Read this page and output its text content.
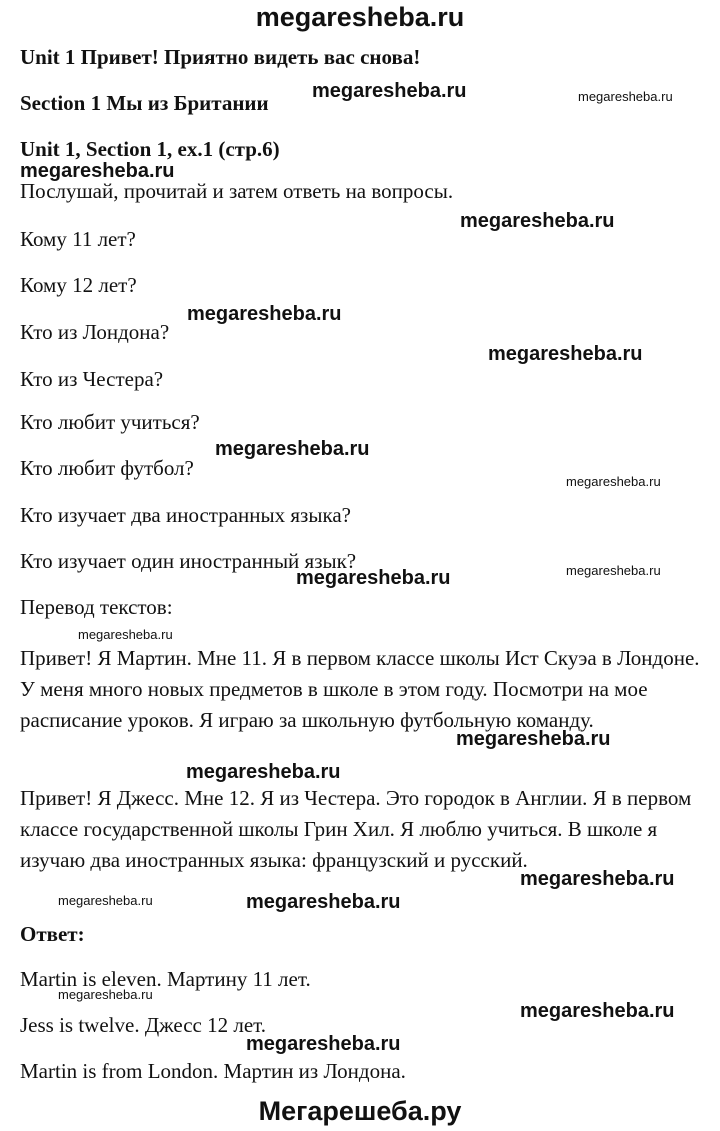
megaresheba.ru
Unit 1 Привет! Приятно видеть вас снова!
Section 1 Мы из Британии
Unit 1, Section 1, ex.1 (стр.6)
Послушай, прочитай и затем ответь на вопросы.
Кому 11 лет?
Кому 12 лет?
Кто из Лондона?
Кто из Честера?
Кто любит учиться?
Кто любит футбол?
Кто изучает два иностранных языка?
Кто изучает один иностранный язык?
Перевод текстов:
Привет! Я Мартин. Мне 11. Я в первом классе школы Ист Скуэа в Лондоне. У меня много новых предметов в школе в этом году. Посмотри на мое расписание уроков. Я играю за школьную футбольную команду.
Привет! Я Джесс. Мне 12. Я из Честера. Это городок в Англии. Я в первом классе государственной школы Грин Хил. Я люблю учиться. В школе я изучаю два иностранных языка: французский и русский.
Ответ:
Martin is eleven. Мартину 11 лет.
Jess is twelve. Джесс 12 лет.
Martin is from London. Мартин из Лондона.
megaresheba.ru	megaresheba.ru
megaresheba.ru
megaresheba.ru
megaresheba.ru
megaresheba.ru
megaresheba.ru
megaresheba.ru
megaresheba.ru	megaresheba.ru
megaresheba.ru
megaresheba.ru
megaresheba.ru
megaresheba.ru
megaresheba.ru	megaresheba.ru
megaresheba.ru
megaresheba.ru
megaresheba.ru
Мегарешеба.ру
